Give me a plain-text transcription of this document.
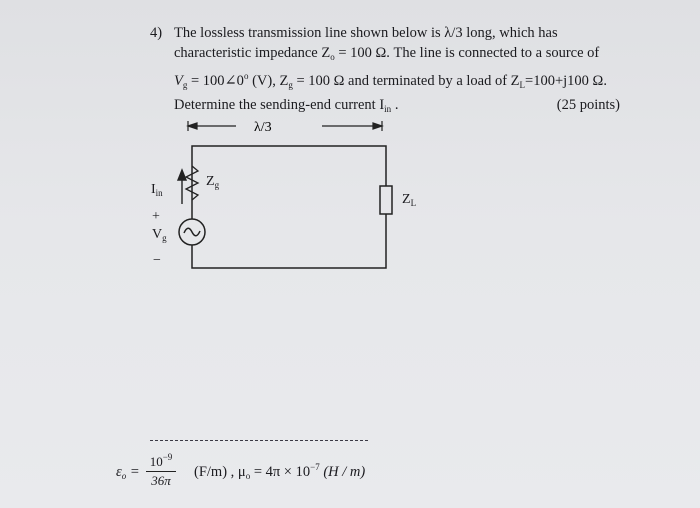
4) The lossless transmission line shown below is λ/3 long, which has
characteristic impedance $Z_o = 100$ Ω. The line is connected to a source of
$V_g$ = $100\angle 0^o$ (V), $Z_g = 100$ Ω and terminated by a load of $Z_L=100+j100$ Ω.
Determine the sending-end current $I_{in}$ .	(25 points)
λ/3
$I_{in}$
$Z_g$
$Z_L$
+
$V_g$
−
$\varepsilon_o$ =
$10^{-9}$
36π
(F/m) , $\mu_o = 4\pi \times 10^{-7}$ (H / m)
